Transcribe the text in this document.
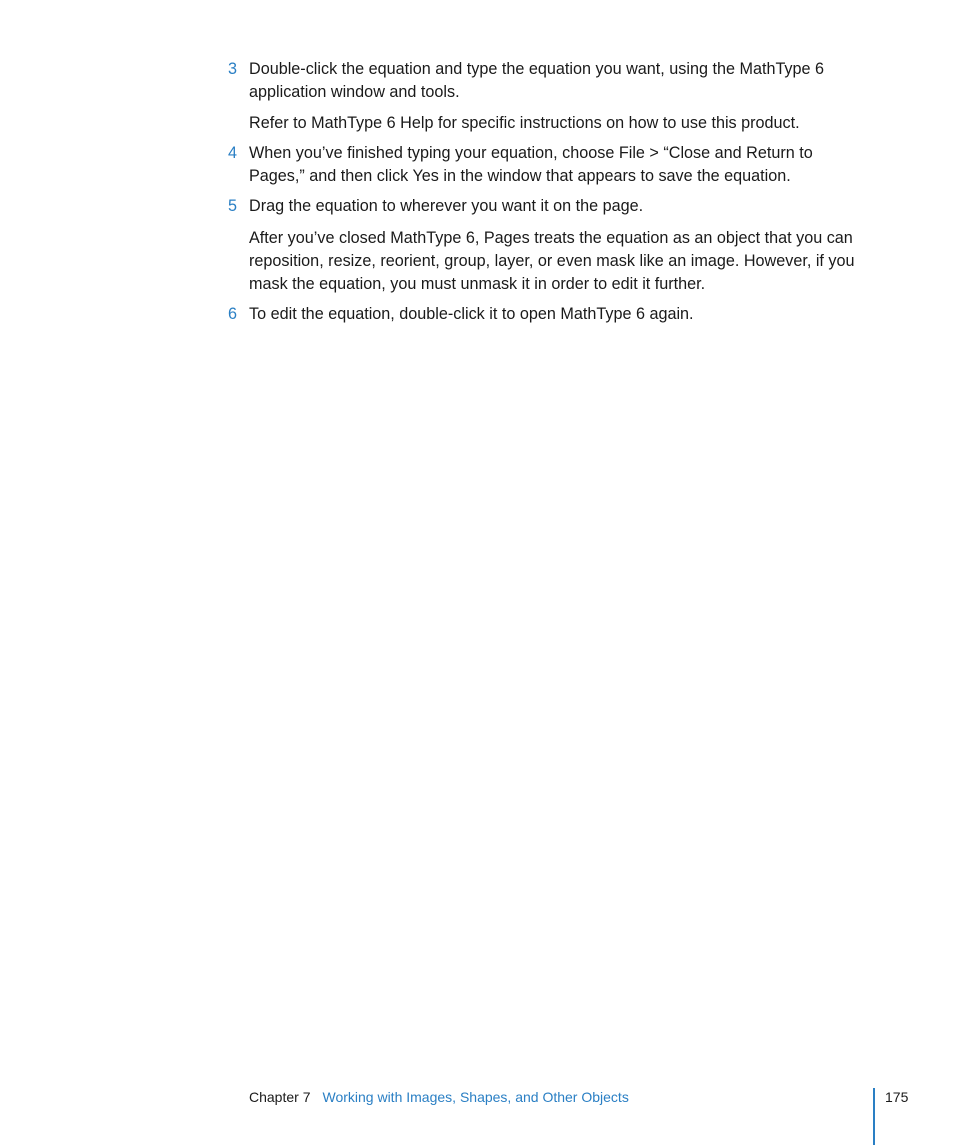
3 Double-click the equation and type the equation you want, using the MathType 6 application window and tools.

Refer to MathType 6 Help for specific instructions on how to use this product.

4 When you’ve finished typing your equation, choose File > “Close and Return to Pages,” and then click Yes in the window that appears to save the equation.

5 Drag the equation to wherever you want it on the page.

After you’ve closed MathType 6, Pages treats the equation as an object that you can reposition, resize, reorient, group, layer, or even mask like an image. However, if you mask the equation, you must unmask it in order to edit it further.

6 To edit the equation, double-click it to open MathType 6 again.

Chapter 7 Working with Images, Shapes, and Other Objects	175
